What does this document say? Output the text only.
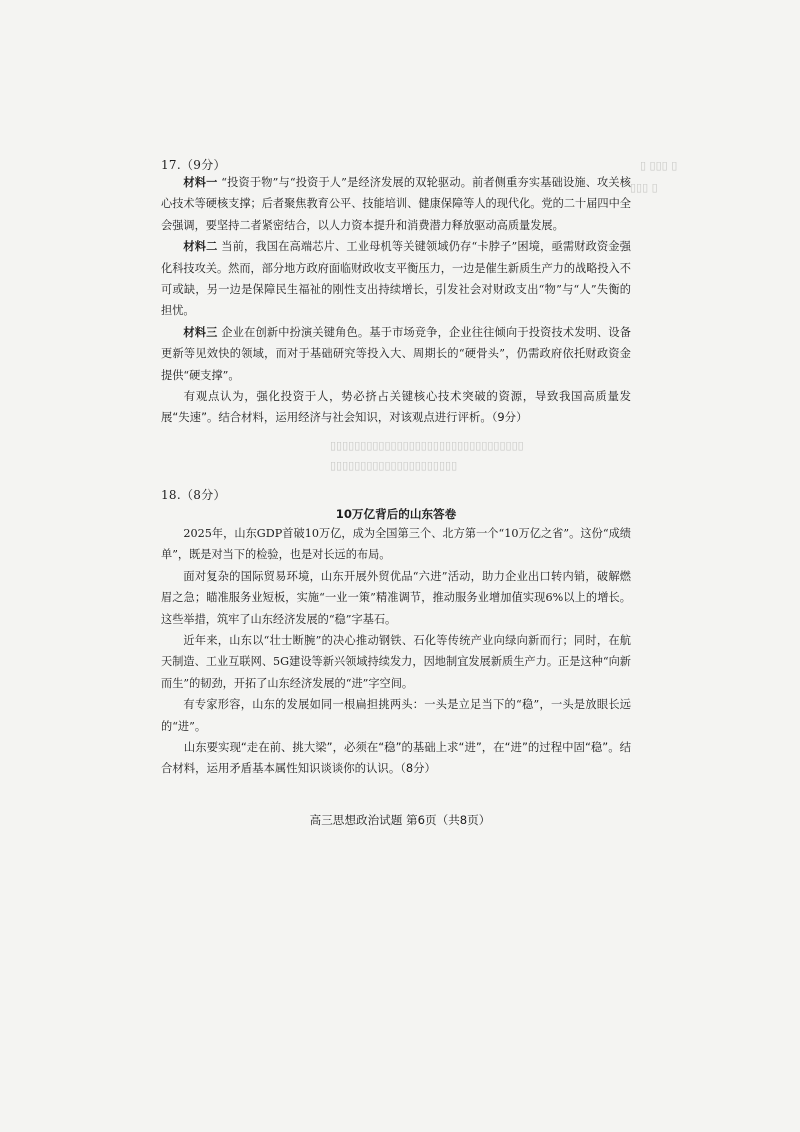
▯ ▯▯▯ ▯
▯▯▯ ▯
▯▯▯▯▯▯▯▯▯▯▯▯▯▯▯▯▯▯▯▯▯▯▯▯▯▯▯▯▯▯▯▯
▯▯▯▯▯▯▯▯▯▯▯▯▯▯▯▯▯▯▯▯▯
17.（9分）

材料一 “投资于物”与“投资于人”是经济发展的双轮驱动。前者侧重夯实基础设施、攻关核心技术等硬核支撑；后者聚焦教育公平、技能培训、健康保障等人的现代化。党的二十届四中全会强调，要坚持二者紧密结合，以人力资本提升和消费潜力释放驱动高质量发展。

材料二 当前，我国在高端芯片、工业母机等关键领域仍存“卡脖子”困境，亟需财政资金强化科技攻关。然而，部分地方政府面临财政收支平衡压力，一边是催生新质生产力的战略投入不可或缺，另一边是保障民生福祉的刚性支出持续增长，引发社会对财政支出“物”与“人”失衡的担忧。

材料三 企业在创新中扮演关键角色。基于市场竞争，企业往往倾向于投资技术发明、设备更新等见效快的领域，而对于基础研究等投入大、周期长的“硬骨头”，仍需政府依托财政资金提供“硬支撑”。

有观点认为，强化投资于人，势必挤占关键核心技术突破的资源，导致我国高质量发展“失速”。结合材料，运用经济与社会知识，对该观点进行评析。（9分）

18.（8分）
10万亿背后的山东答卷

2025年，山东GDP首破10万亿，成为全国第三个、北方第一个“10万亿之省”。这份“成绩单”，既是对当下的检验，也是对长远的布局。

面对复杂的国际贸易环境，山东开展外贸优品“六进”活动，助力企业出口转内销，破解燃眉之急；瞄准服务业短板，实施“一业一策”精准调节，推动服务业增加值实现6%以上的增长。这些举措，筑牢了山东经济发展的“稳”字基石。

近年来，山东以“壮士断腕”的决心推动钢铁、石化等传统产业向绿向新而行；同时，在航天制造、工业互联网、5G建设等新兴领域持续发力，因地制宜发展新质生产力。正是这种“向新而生”的韧劲，开拓了山东经济发展的“进”字空间。

有专家形容，山东的发展如同一根扁担挑两头：一头是立足当下的“稳”，一头是放眼长远的“进”。

山东要实现“走在前、挑大梁”，必须在“稳”的基础上求“进”，在“进”的过程中固“稳”。结合材料，运用矛盾基本属性知识谈谈你的认识。（8分）

高三思想政治试题 第6页（共8页）
